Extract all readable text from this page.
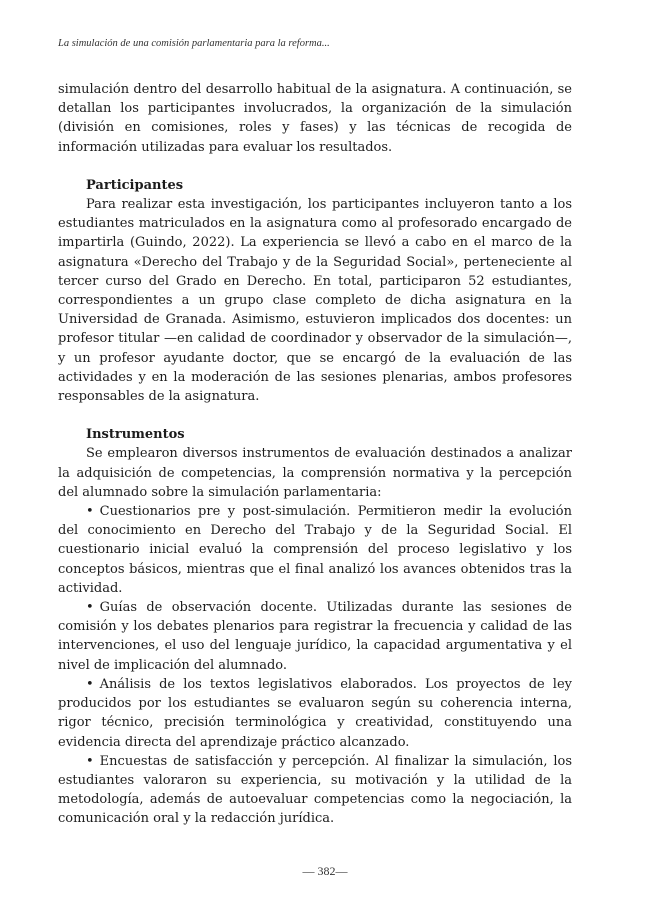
La simulación de una comisión parlamentaria para la reforma...

simulación dentro del desarrollo habitual de la asignatura. A continuación, se detallan los participantes involucrados, la organización de la simulación (división en comisiones, roles y fases) y las técnicas de recogida de información utilizadas para evaluar los resultados.

Participantes

Para realizar esta investigación, los participantes incluyeron tanto a los estudiantes matriculados en la asignatura como al profesorado encargado de impartirla (Guindo, 2022). La experiencia se llevó a cabo en el marco de la asignatura «Derecho del Trabajo y de la Seguridad Social», perteneciente al tercer curso del Grado en Derecho. En total, participaron 52 estudiantes, correspondientes a un grupo clase completo de dicha asignatura en la Universidad de Granada. Asimismo, estuvieron implicados dos docentes: un profesor titular —en calidad de coordinador y observador de la simulación—, y un profesor ayudante doctor, que se encargó de la evaluación de las actividades y en la moderación de las sesiones plenarias, ambos profesores responsables de la asignatura.

Instrumentos

Se emplearon diversos instrumentos de evaluación destinados a analizar la adquisición de competencias, la comprensión normativa y la percepción del alumnado sobre la simulación parlamentaria:

• Cuestionarios pre y post-simulación. Permitieron medir la evolución del conocimiento en Derecho del Trabajo y de la Seguridad Social. El cuestionario inicial evaluó la comprensión del proceso legislativo y los conceptos básicos, mientras que el final analizó los avances obtenidos tras la actividad.

• Guías de observación docente. Utilizadas durante las sesiones de comisión y los debates plenarios para registrar la frecuencia y calidad de las intervenciones, el uso del lenguaje jurídico, la capacidad argumentativa y el nivel de implicación del alumnado.

• Análisis de los textos legislativos elaborados. Los proyectos de ley producidos por los estudiantes se evaluaron según su coherencia interna, rigor técnico, precisión terminológica y creatividad, constituyendo una evidencia directa del aprendizaje práctico alcanzado.

• Encuestas de satisfacción y percepción. Al finalizar la simulación, los estudiantes valoraron su experiencia, su motivación y la utilidad de la metodología, además de autoevaluar competencias como la negociación, la comunicación oral y la redacción jurídica.

— 382—
